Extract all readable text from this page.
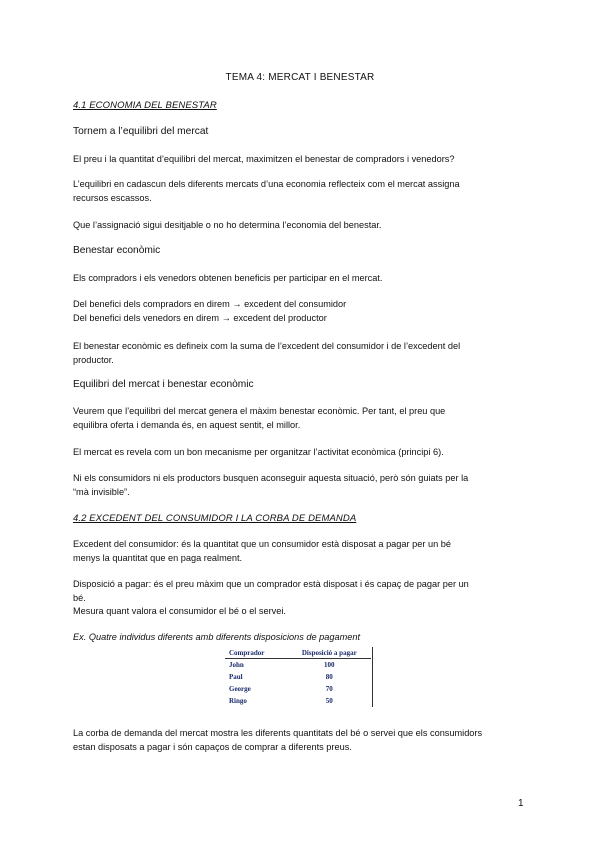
TEMA 4: MERCAT I BENESTAR
4.1 ECONOMIA DEL BENESTAR
Tornem a l’equilibri del mercat
El preu i la quantitat d’equilibri del mercat, maximitzen el benestar de compradors i venedors?
L’equilibri en cadascun dels diferents mercats d’una economia reflecteix com el mercat assigna
recursos escassos.
Que l’assignació sigui desitjable o no ho determina l’economia del benestar.
Benestar econòmic
Els compradors i els venedors obtenen beneficis per participar en el mercat.
Del benefici dels compradors en direm → excedent del consumidor
Del benefici dels venedors en direm → excedent del productor
El benestar econòmic es defineix com la suma de l’excedent del consumidor i de l’excedent del
productor.
Equilibri del mercat i benestar econòmic
Veurem que l’equilibri del mercat genera el màxim benestar econòmic. Per tant, el preu que
equilibra oferta i demanda és, en aquest sentit, el millor.
El mercat es revela com un bon mecanisme per organitzar l’activitat econòmica (principi 6).
Ni els consumidors ni els productors busquen aconseguir aquesta situació, però són guiats per la
“mà invisible”.
4.2 EXCEDENT DEL CONSUMIDOR I LA CORBA DE DEMANDA
Excedent del consumidor: és la quantitat que un consumidor està disposat a pagar per un bé
menys la quantitat que en paga realment.
Disposició a pagar: és el preu màxim que un comprador està disposat i és capaç de pagar per un
bé.
Mesura quant valora el consumidor el bé o el servei.
Ex. Quatre individus diferents amb diferents disposicions de pagament
Comprador	Disposició a pagar
John	100
Paul	80
George	70
Ringo	50
La corba de demanda del mercat mostra les diferents quantitats del bé o servei que els consumidors
estan disposats a pagar i són capaços de comprar a diferents preus.
1
